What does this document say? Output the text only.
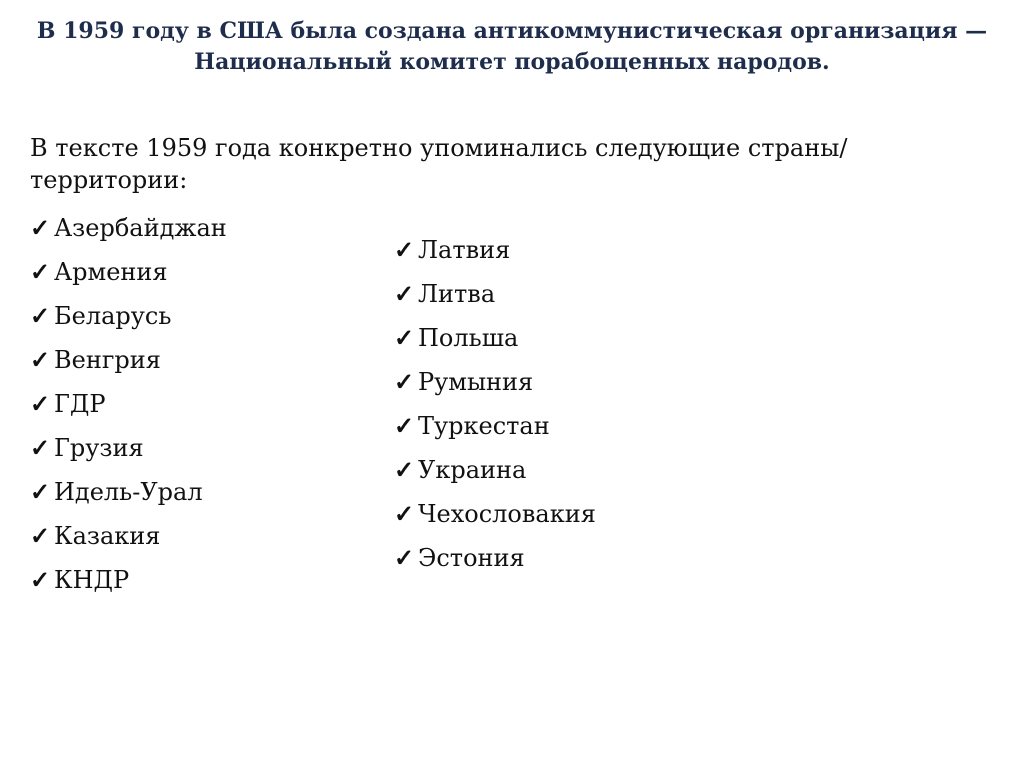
В 1959 году в США была создана антикоммунистическая организация — Национальный комитет порабощенных народов.

В тексте 1959 года конкретно упоминались следующие страны/территории:

✓ Азербайджан
✓ Армения
✓ Беларусь
✓ Венгрия
✓ ГДР
✓ Грузия
✓ Идель-Урал
✓ Казакия
✓ КНДР
✓ Латвия
✓ Литва
✓ Польша
✓ Румыния
✓ Туркестан
✓ Украина
✓ Чехословакия
✓ Эстония
